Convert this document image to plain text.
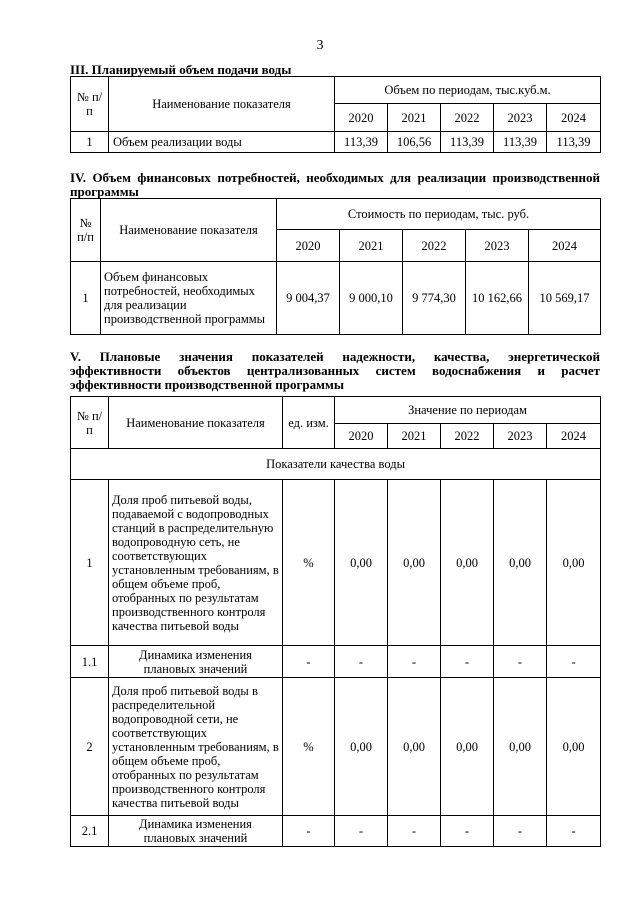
3
III. Планируемый объем подачи воды
№ п/п	Наименование показателя	Объем по периодам, тыс.куб.м.				
		2020	2021	2022	2023	2024
1	Объем реализации воды	113,39	106,56	113,39	113,39	113,39
IV. Объем финансовых потребностей, необходимых для реализации производственной
программы
№ п/п	Наименование показателя	Стоимость по периодам, тыс. руб.				
		2020	2021	2022	2023	2024
1	Объем финансовых потребностей, необходимых для реализации производственной программы	9 004,37	9 000,10	9 774,30	10 162,66	10 569,17
V. Плановые значения показателей надежности, качества, энергетической
эффективности объектов централизованных систем водоснабжения и расчет
эффективности производственной программы
№ п/п	Наименование показателя	ед. изм.	Значение по периодам				
			2020	2021	2022	2023	2024
Показатели качества воды							
1	Доля проб питьевой воды, подаваемой с водопроводных станций в распределительную водопроводную сеть, не соответствующих установленным требованиям, в общем объеме проб, отобранных по результатам производственного контроля качества питьевой воды	%	0,00	0,00	0,00	0,00	0,00
1.1	Динамика изменения плановых значений	-	-	-	-	-	-
2	Доля проб питьевой воды в распределительной водопроводной сети, не соответствующих установленным требованиям, в общем объеме проб, отобранных по результатам производственного контроля качества питьевой воды	%	0,00	0,00	0,00	0,00	0,00
2.1	Динамика изменения плановых значений	-	-	-	-	-	-
